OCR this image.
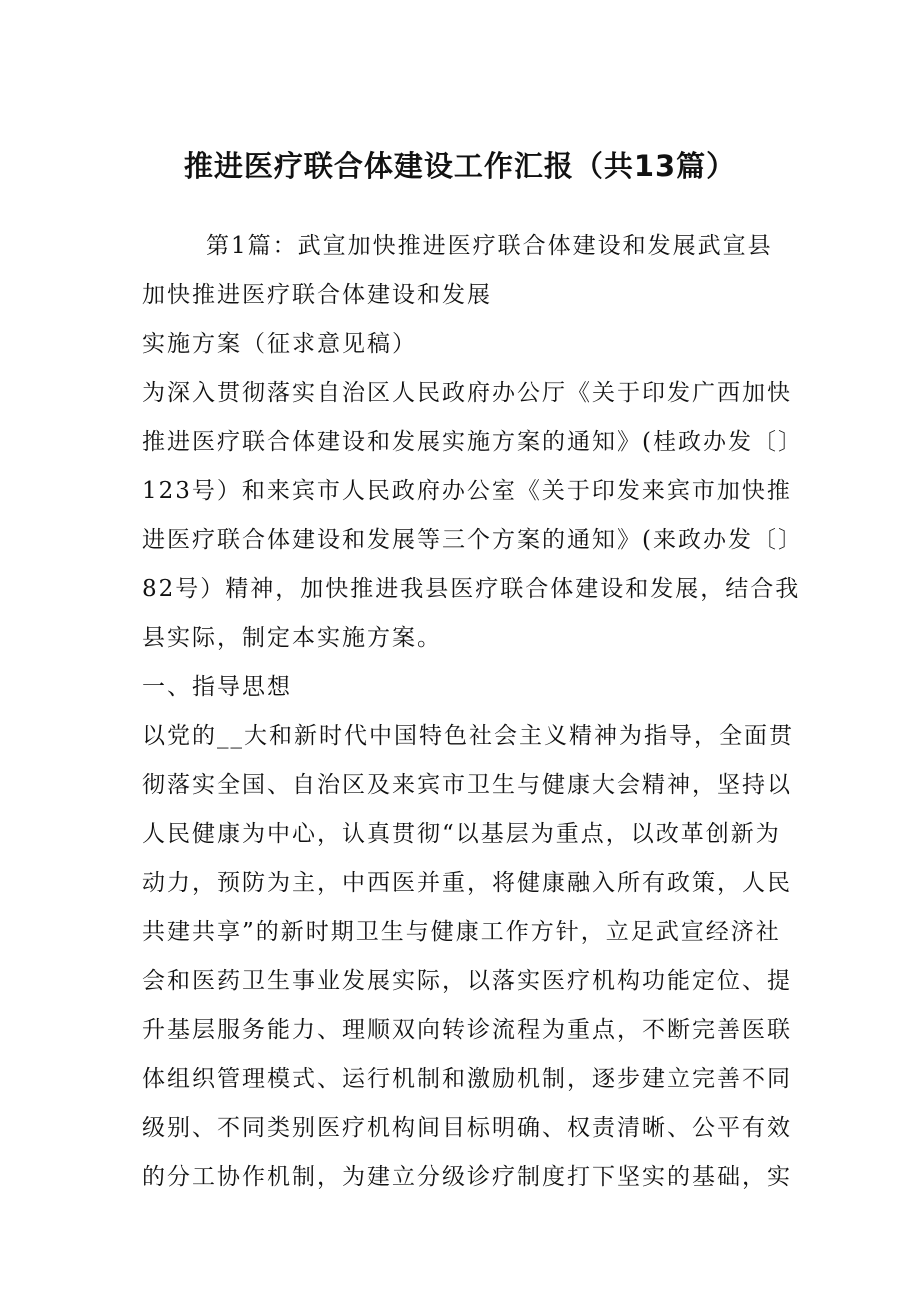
推进医疗联合体建设工作汇报（共13篇）
第1篇：武宣加快推进医疗联合体建设和发展武宣县
加快推进医疗联合体建设和发展
实施方案（征求意见稿）
为深入贯彻落实自治区人民政府办公厅《关于印发广西加快
推进医疗联合体建设和发展实施方案的通知》(桂政办发〔〕
123号）和来宾市人民政府办公室《关于印发来宾市加快推
进医疗联合体建设和发展等三个方案的通知》(来政办发〔〕
82号）精神，加快推进我县医疗联合体建设和发展，结合我
县实际，制定本实施方案。
一、指导思想
以党的__大和新时代中国特色社会主义精神为指导，全面贯
彻落实全国、自治区及来宾市卫生与健康大会精神，坚持以
人民健康为中心，认真贯彻“以基层为重点，以改革创新为
动力，预防为主，中西医并重，将健康融入所有政策，人民
共建共享”的新时期卫生与健康工作方针，立足武宣经济社
会和医药卫生事业发展实际，以落实医疗机构功能定位、提
升基层服务能力、理顺双向转诊流程为重点，不断完善医联
体组织管理模式、运行机制和激励机制，逐步建立完善不同
级别、不同类别医疗机构间目标明确、权责清晰、公平有效
的分工协作机制，为建立分级诊疗制度打下坚实的基础，实
